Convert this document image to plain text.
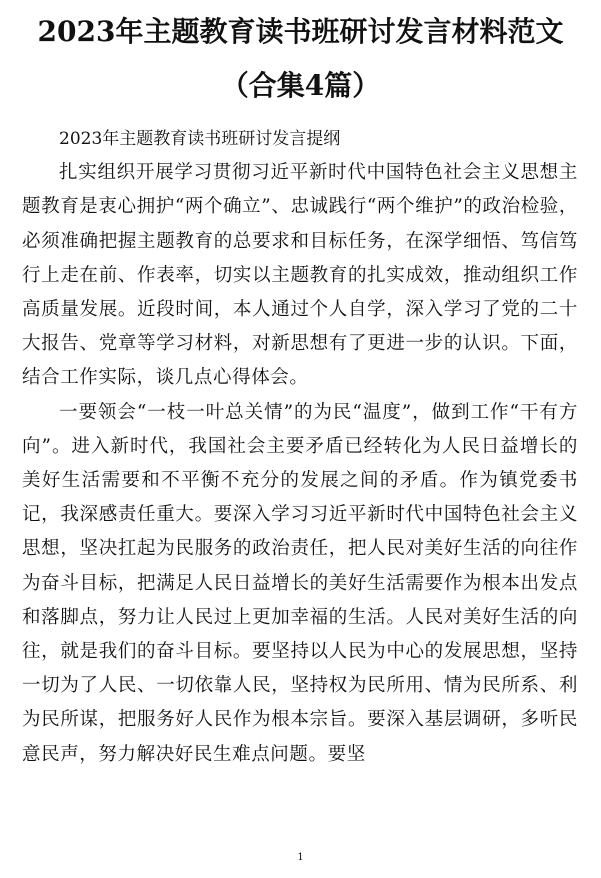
2023年主题教育读书班研讨发言材料范文
（合集4篇）

2023年主题教育读书班研讨发言提纲

扎实组织开展学习贯彻习近平新时代中国特色社会主义思想主题教育是衷心拥护“两个确立”、忠诚践行“两个维护”的政治检验，必须准确把握主题教育的总要求和目标任务，在深学细悟、笃信笃行上走在前、作表率，切实以主题教育的扎实成效，推动组织工作高质量发展。近段时间，本人通过个人自学，深入学习了党的二十大报告、党章等学习材料，对新思想有了更进一步的认识。下面，结合工作实际，谈几点心得体会。

一要领会“一枝一叶总关情”的为民“温度”，做到工作“干有方向”。进入新时代，我国社会主要矛盾已经转化为人民日益增长的美好生活需要和不平衡不充分的发展之间的矛盾。作为镇党委书记，我深感责任重大。要深入学习习近平新时代中国特色社会主义思想，坚决扛起为民服务的政治责任，把人民对美好生活的向往作为奋斗目标，把满足人民日益增长的美好生活需要作为根本出发点和落脚点，努力让人民过上更加幸福的生活。人民对美好生活的向往，就是我们的奋斗目标。要坚持以人民为中心的发展思想，坚持一切为了人民、一切依靠人民，坚持权为民所用、情为民所系、利为民所谋，把服务好人民作为根本宗旨。要深入基层调研，多听民意民声，努力解决好民生难点问题。要坚

1
